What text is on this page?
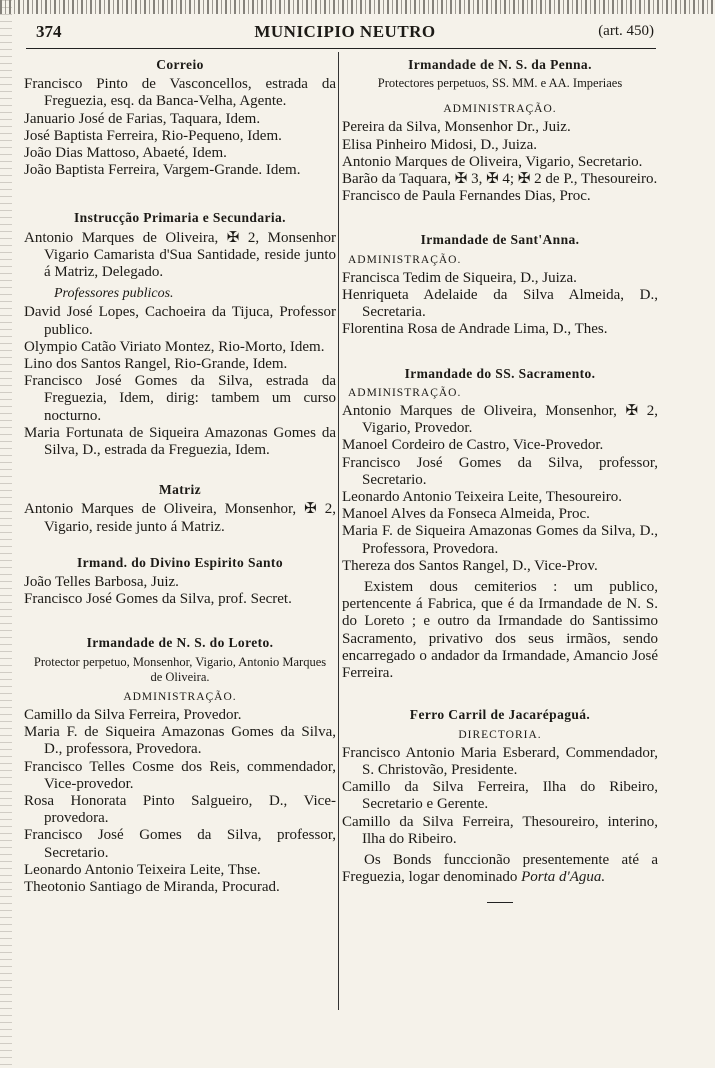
374	MUNICIPIO NEUTRO	(art. 450)
Correio

Francisco Pinto de Vasconcellos, estrada da Freguezia, esq. da Banca-Velha, Agente.

Januario José de Farias, Taquara, Idem.

José Baptista Ferreira, Rio-Pequeno, Idem.

João Dias Mattoso, Abaeté, Idem.

João Baptista Ferreira, Vargem-Grande. Idem.

Instrucção Primaria e Secundaria.

Antonio Marques de Oliveira, ✠ 2, Monsenhor Vigario Camarista d'Sua Santidade, reside junto á Matriz, Delegado.

Professores publicos.

David José Lopes, Cachoeira da Tijuca, Professor publico.

Olympio Catão Viriato Montez, Rio-Morto, Idem.

Lino dos Santos Rangel, Rio-Grande, Idem.

Francisco José Gomes da Silva, estrada da Freguezia, Idem, dirig: tambem um curso nocturno.

Maria Fortunata de Siqueira Amazonas Gomes da Silva, D., estrada da Freguezia, Idem.

Matriz

Antonio Marques de Oliveira, Monsenhor, ✠ 2, Vigario, reside junto á Matriz.

Irmand. do Divino Espirito Santo

João Telles Barbosa, Juiz.

Francisco José Gomes da Silva, prof. Secret.

Irmandade de N. S. do Loreto.

Protector perpetuo, Monsenhor, Vigario, Antonio Marques de Oliveira.

ADMINISTRAÇÃO.

Camillo da Silva Ferreira, Provedor.

Maria F. de Siqueira Amazonas Gomes da Silva, D., professora, Provedora.

Francisco Telles Cosme dos Reis, commendador, Vice-provedor.

Rosa Honorata Pinto Salgueiro, D., Vice-provedora.

Francisco José Gomes da Silva, professor, Secretario.

Leonardo Antonio Teixeira Leite, Thse.

Theotonio Santiago de Miranda, Procurad.

Irmandade de N. S. da Penna.

Protectores perpetuos, SS. MM. e AA. Imperiaes

ADMINISTRAÇÃO.

Pereira da Silva, Monsenhor Dr., Juiz.

Elisa Pinheiro Midosi, D., Juiza.

Antonio Marques de Oliveira, Vigario, Secretario.

Barão da Taquara, ✠ 3, ✠ 4; ✠ 2 de P., Thesoureiro.

Francisco de Paula Fernandes Dias, Proc.

Irmandade de Sant'Anna.
ADMINISTRAÇÃO.

Francisca Tedim de Siqueira, D., Juiza.

Henriqueta Adelaide da Silva Almeida, D., Secretaria.

Florentina Rosa de Andrade Lima, D., Thes.

Irmandade do SS. Sacramento.
ADMINISTRAÇÃO.

Antonio Marques de Oliveira, Monsenhor, ✠ 2, Vigario, Provedor.

Manoel Cordeiro de Castro, Vice-Provedor.

Francisco José Gomes da Silva, professor, Secretario.

Leonardo Antonio Teixeira Leite, Thesoureiro.

Manoel Alves da Fonseca Almeida, Proc.

Maria F. de Siqueira Amazonas Gomes da Silva, D., Professora, Provedora.

Thereza dos Santos Rangel, D., Vice-Prov.

Existem dous cemiterios : um publico, pertencente á Fabrica, que é da Irmandade de N. S. do Loreto ; e outro da Irmandade do Santissimo Sacramento, privativo dos seus irmãos, sendo encarregado o andador da Irmandade, Amancio José Ferreira.

Ferro Carril de Jacarépaguá.
DIRECTORIA.

Francisco Antonio Maria Esberard, Commendador, S. Christovão, Presidente.

Camillo da Silva Ferreira, Ilha do Ribeiro, Secretario e Gerente.

Camillo da Silva Ferreira, Thesoureiro, interino, Ilha do Ribeiro.

Os Bonds funccionão presentemente até a Freguezia, logar denominado Porta d'Agua.
